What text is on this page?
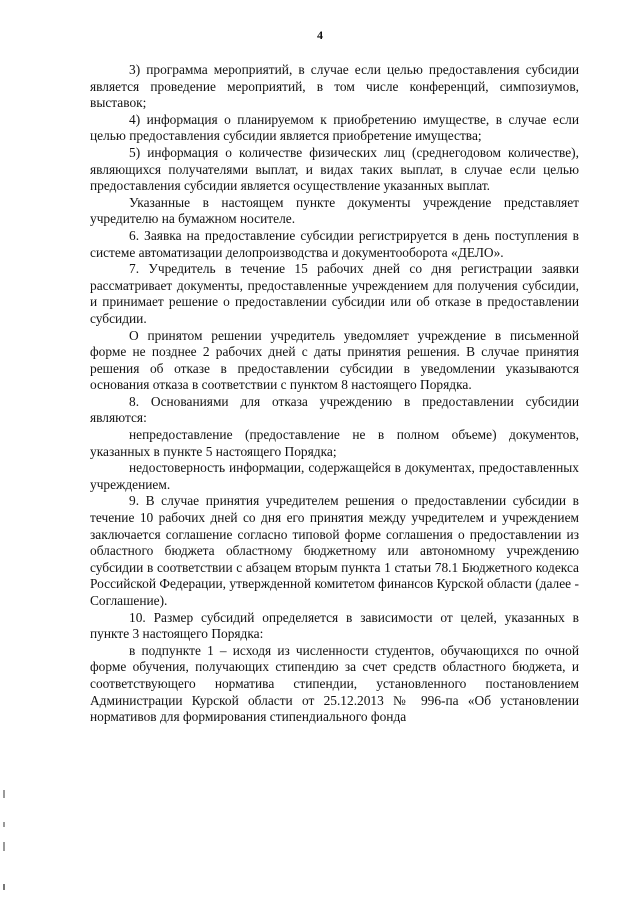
4

3) программа мероприятий, в случае если целью предоставления субсидии является проведение мероприятий, в том числе конференций, симпозиумов, выставок;

4) информация о планируемом к приобретению имуществе, в случае если целью предоставления субсидии является приобретение имущества;

5) информация о количестве физических лиц (среднегодовом количестве), являющихся получателями выплат, и видах таких выплат, в случае если целью предоставления субсидии является осуществление указанных выплат.

Указанные в настоящем пункте документы учреждение представляет учредителю на бумажном носителе.

6. Заявка на предоставление субсидии регистрируется в день поступления в системе автоматизации делопроизводства и документооборота «ДЕЛО».

7. Учредитель в течение 15 рабочих дней со дня регистрации заявки рассматривает документы, предоставленные учреждением для получения субсидии, и принимает решение о предоставлении субсидии или об отказе в предоставлении субсидии.

О принятом решении учредитель уведомляет учреждение в письменной форме не позднее 2 рабочих дней с даты принятия решения. В случае принятия решения об отказе в предоставлении субсидии в уведомлении указываются основания отказа в соответствии с пунктом 8 настоящего Порядка.

8. Основаниями для отказа учреждению в предоставлении субсидии являются:

непредоставление (предоставление не в полном объеме) документов, указанных в пункте 5 настоящего Порядка;

недостоверность информации, содержащейся в документах, предоставленных учреждением.

9. В случае принятия учредителем решения о предоставлении субсидии в течение 10 рабочих дней со дня его принятия между учредителем и учреждением заключается соглашение согласно типовой форме соглашения о предоставлении из областного бюджета областному бюджетному или автономному учреждению субсидии в соответствии с абзацем вторым пункта 1 статьи 78.1 Бюджетного кодекса Российской Федерации, утвержденной комитетом финансов Курской области (далее - Соглашение).

10. Размер субсидий определяется в зависимости от целей, указанных в пункте 3 настоящего Порядка:

в подпункте 1 – исходя из численности студентов, обучающихся по очной форме обучения, получающих стипендию за счет средств областного бюджета, и соответствующего норматива стипендии, установленного постановлением Администрации Курской области от 25.12.2013 № 996-па «Об установлении нормативов для формирования стипендиального фонда
